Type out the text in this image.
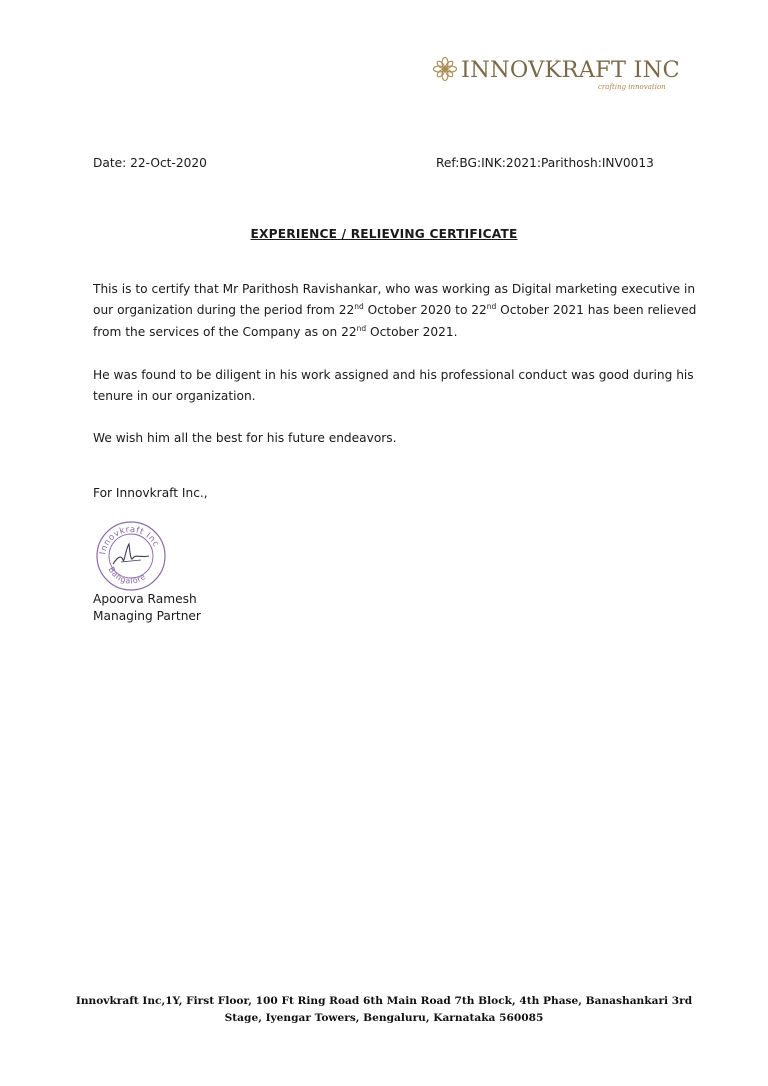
INNOVKRAFT INC
crafting innovation
Date: 22-Oct-2020	Ref:BG:INK:2021:Parithosh:INV0013
EXPERIENCE / RELIEVING CERTIFICATE
This is to certify that Mr Parithosh Ravishankar, who was working as Digital marketing executive in
our organization during the period from 22nd October 2020 to 22nd October 2021 has been relieved
from the services of the Company as on 22nd October 2021.
He was found to be diligent in his work assigned and his professional conduct was good during his
tenure in our organization.
We wish him all the best for his future endeavors.
For Innovkraft Inc.,
Innovkraft Inc
Bangalore
Apoorva Ramesh
Managing Partner
Innovkraft Inc,1Y, First Floor, 100 Ft Ring Road 6th Main Road 7th Block, 4th Phase, Banashankari 3rd
Stage, Iyengar Towers, Bengaluru, Karnataka 560085
